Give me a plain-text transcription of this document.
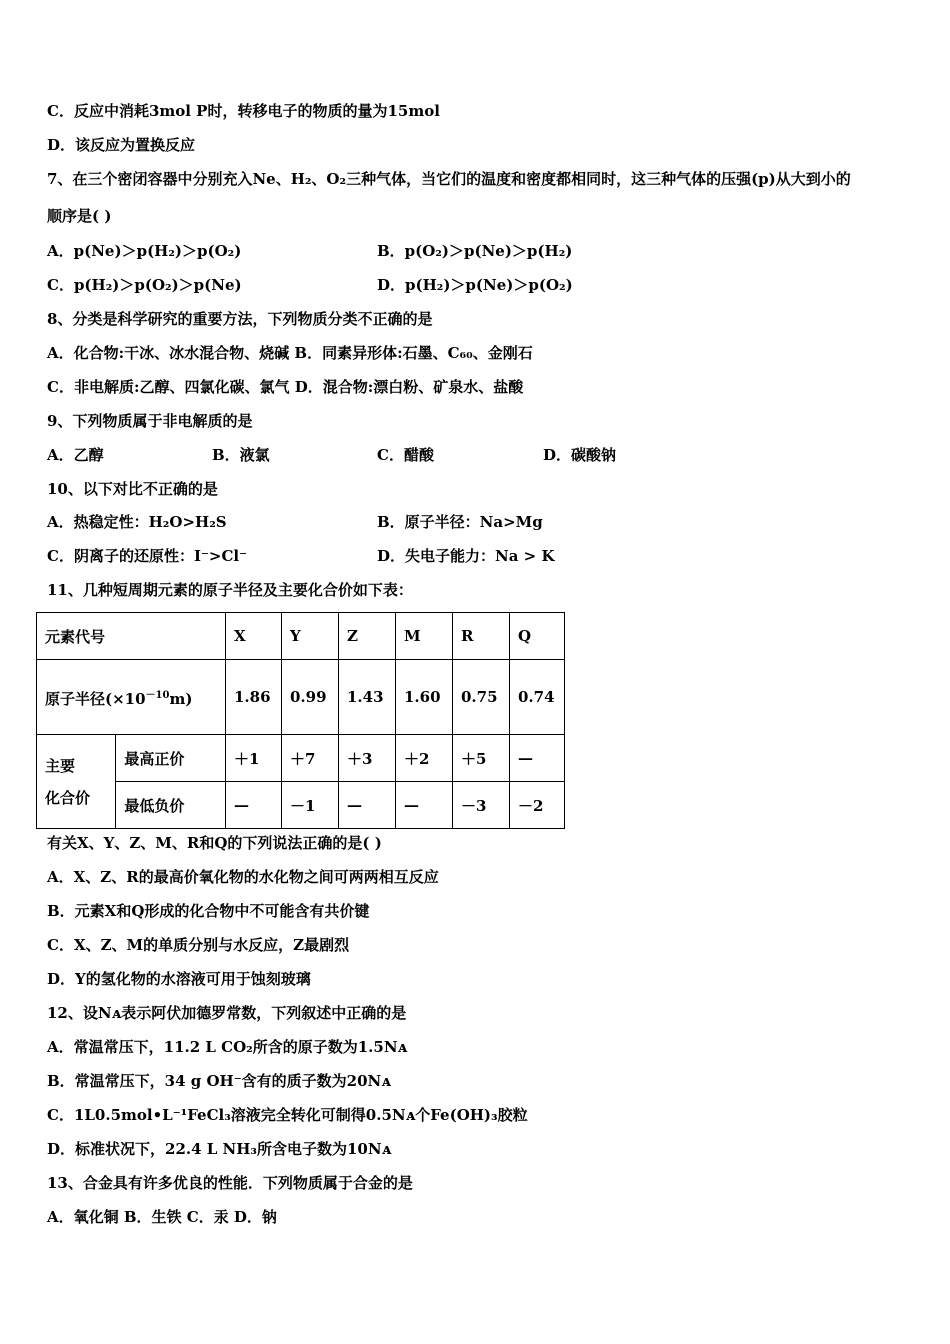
C．反应中消耗3mol P时，转移电子的物质的量为15mol
D．该反应为置换反应
7、在三个密闭容器中分别充入Ne、H₂、O₂三种气体，当它们的温度和密度都相同时，这三种气体的压强(p)从大到小的
顺序是( )
A．p(Ne)＞p(H₂)＞p(O₂)	B．p(O₂)＞p(Ne)＞p(H₂)
C．p(H₂)＞p(O₂)＞p(Ne)	D．p(H₂)＞p(Ne)＞p(O₂)
8、分类是科学研究的重要方法，下列物质分类不正确的是
A．化合物:干冰、冰水混合物、烧碱 B．同素异形体:石墨、C₆₀、金刚石
C．非电解质:乙醇、四氯化碳、氯气 D．混合物:漂白粉、矿泉水、盐酸
9、下列物质属于非电解质的是
A．乙醇	B．液氯	C．醋酸	D．碳酸钠
10、以下对比不正确的是
A．热稳定性：H₂O>H₂S	B．原子半径：Na>Mg
C．阴离子的还原性：I⁻>Cl⁻	D．失电子能力：Na > K
11、几种短周期元素的原子半径及主要化合价如下表：
元素代号		X	Y	Z	M	R	Q
原子半径$(\times 10^{-10}m)$		1.86	0.99	1.43	1.60	0.75	0.74

主要
化合价	最高正价	＋1	＋7	＋3	＋2	＋5	—
	最低负价	—	－1	—	—	－3	－2
有关X、Y、Z、M、R和Q的下列说法正确的是( )
A．X、Z、R的最高价氧化物的水化物之间可两两相互反应
B．元素X和Q形成的化合物中不可能含有共价键
C．X、Z、M的单质分别与水反应，Z最剧烈
D．Y的氢化物的水溶液可用于蚀刻玻璃
12、设Nᴀ表示阿伏加德罗常数，下列叙述中正确的是
A．常温常压下，11.2 L CO₂所含的原子数为1.5Nᴀ
B．常温常压下，34 g OH⁻含有的质子数为20Nᴀ
C．1L0.5mol•L⁻¹FeCl₃溶液完全转化可制得0.5Nᴀ个Fe(OH)₃胶粒
D．标准状况下，22.4 L NH₃所含电子数为10Nᴀ
13、合金具有许多优良的性能．下列物质属于合金的是
A．氧化铜 B．生铁 C．汞 D．钠
